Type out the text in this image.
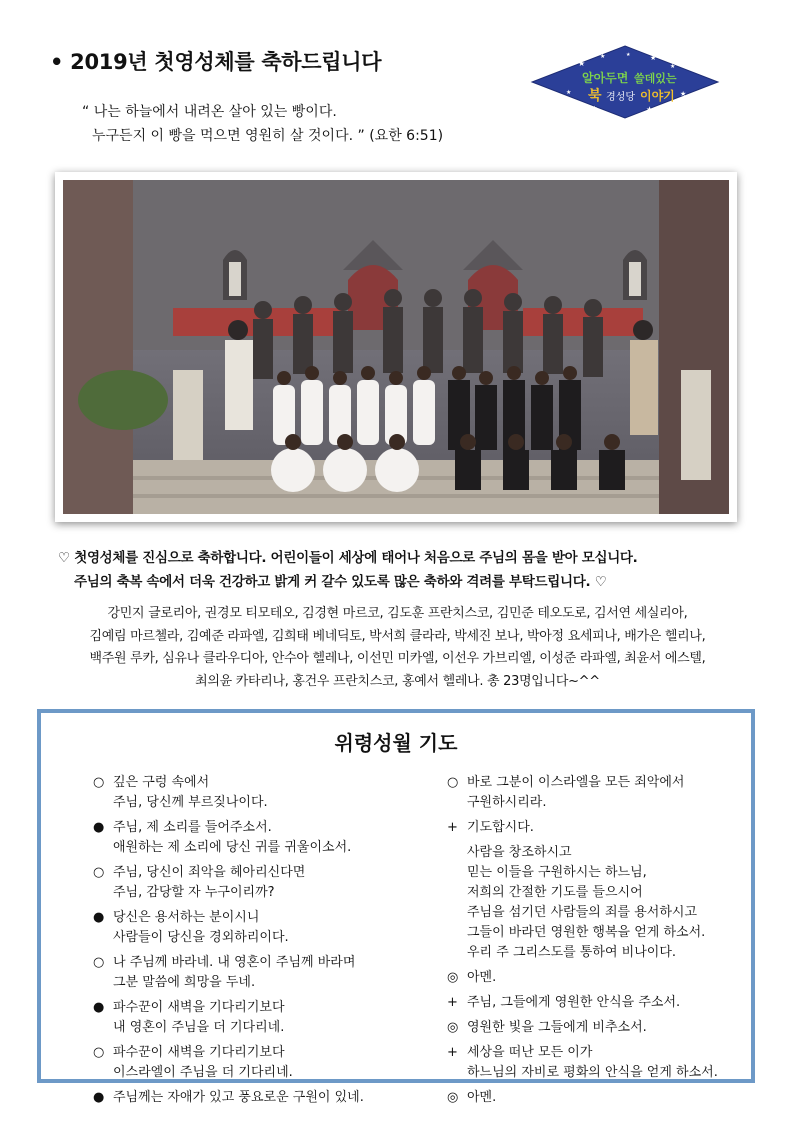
• 2019년 첫영성체를 축하드립니다
“ 나는 하늘에서 내려온 살아 있는 빵이다.
누구든지 이 빵을 먹으면 영원히 살 것이다. ” (요한 6:51)
★
★	★
★
★	★
★	★
★
알아두면 쓸데있는
북 경성당 이야기
♡ 첫영성체를 진심으로 축하합니다. 어린이들이 세상에 태어나 처음으로 주님의 몸을 받아 모십니다.
주님의 축복 속에서 더욱 건강하고 밝게 커 갈수 있도록 많은 축하와 격려를 부탁드립니다. ♡
강민지 글로리아, 권경모 티모테오, 김경현 마르코, 김도훈 프란치스코, 김민준 테오도로, 김서연 세실리아,
김예림 마르첼라, 김예준 라파엘, 김희태 베네딕토, 박서희 클라라, 박세진 보나, 박아정 요세피나, 배가은 헬리나,
백주원 루카, 심유나 클라우디아, 안수아 헬레나, 이선민 미카엘, 이선우 가브리엘, 이성준 라파엘, 최윤서 에스텔,
최의윤 카타리나, 홍건우 프란치스코, 홍예서 헬레나. 총 23명입니다~^^
위령성월 기도
○ 깊은 구렁 속에서
주님, 당신께 부르짖나이다.
● 주님, 제 소리를 들어주소서.
애원하는 제 소리에 당신 귀를 귀울이소서.
○ 주님, 당신이 죄악을 헤아리신다면
주님, 감당할 자 누구이리까?
● 당신은 용서하는 분이시니
사람들이 당신을 경외하리이다.
○ 나 주님께 바라네. 내 영혼이 주님께 바라며
그분 말씀에 희망을 두네.
● 파수꾼이 새벽을 기다리기보다
내 영혼이 주님을 더 기다리네.
○ 파수꾼이 새벽을 기다리기보다
이스라엘이 주님을 더 기다리네.
● 주님께는 자애가 있고 풍요로운 구원이 있네.
○ 바로 그분이 이스라엘을 모든 죄악에서
구원하시리라.
+ 기도합시다.
사람을 창조하시고
믿는 이들을 구원하시는 하느님,
저희의 간절한 기도를 들으시어
주님을 섬기던 사람들의 죄를 용서하시고
그들이 바라던 영원한 행복을 얻게 하소서.
우리 주 그리스도를 통하여 비나이다.
◎ 아멘.
+ 주님, 그들에게 영원한 안식을 주소서.
◎ 영원한 빛을 그들에게 비추소서.
+ 세상을 떠난 모든 이가
하느님의 자비로 평화의 안식을 얻게 하소서.
◎ 아멘.
